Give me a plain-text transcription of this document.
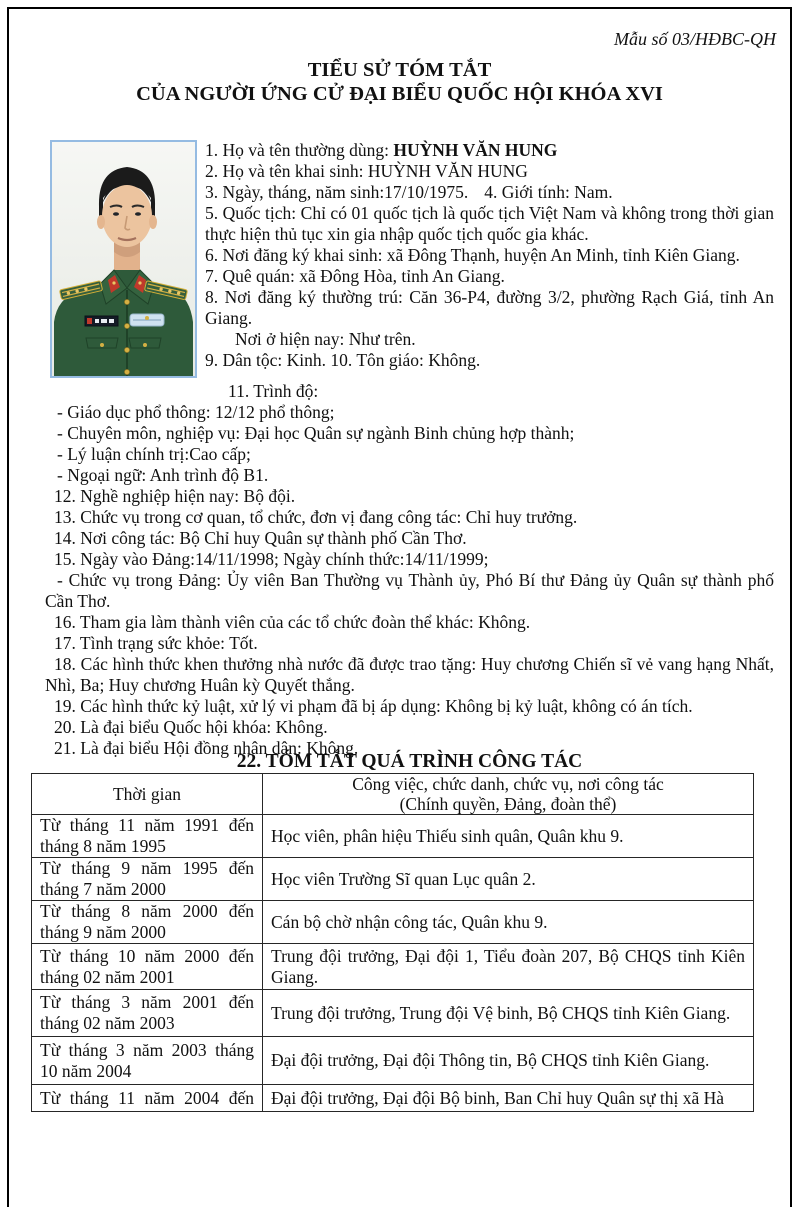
Mẫu số 03/HĐBC-QH
TIỂU SỬ TÓM TẮT
CỦA NGƯỜI ỨNG CỬ ĐẠI BIỂU QUỐC HỘI KHÓA XVI

1. Họ và tên thường dùng: HUỲNH VĂN HUNG

2. Họ và tên khai sinh: HUỲNH VĂN HUNG

3. Ngày, tháng, năm sinh:17/10/1975. 4. Giới tính: Nam.

5. Quốc tịch: Chỉ có 01 quốc tịch là quốc tịch Việt Nam và không trong thời gian thực hiện thủ tục xin gia nhập quốc tịch quốc gia khác.

6. Nơi đăng ký khai sinh: xã Đông Thạnh, huyện An Minh, tỉnh Kiên Giang.

7. Quê quán: xã Đông Hòa, tỉnh An Giang.

8. Nơi đăng ký thường trú: Căn 36-P4, đường 3/2, phường Rạch Giá, tỉnh An Giang.

Nơi ở hiện nay: Như trên.

9. Dân tộc: Kinh. 10. Tôn giáo: Không.

11. Trình độ:

- Giáo dục phổ thông: 12/12 phổ thông;

- Chuyên môn, nghiệp vụ: Đại học Quân sự ngành Binh chủng hợp thành;

- Lý luận chính trị:Cao cấp;

- Ngoại ngữ: Anh trình độ B1.

12. Nghề nghiệp hiện nay: Bộ đội.

13. Chức vụ trong cơ quan, tổ chức, đơn vị đang công tác: Chỉ huy trưởng.

14. Nơi công tác: Bộ Chỉ huy Quân sự thành phố Cần Thơ.

15. Ngày vào Đảng:14/11/1998; Ngày chính thức:14/11/1999;

- Chức vụ trong Đảng: Ủy viên Ban Thường vụ Thành ủy, Phó Bí thư Đảng ủy Quân sự thành phố Cần Thơ.

16. Tham gia làm thành viên của các tổ chức đoàn thể khác: Không.

17. Tình trạng sức khỏe: Tốt.

18. Các hình thức khen thưởng nhà nước đã được trao tặng: Huy chương Chiến sĩ vẻ vang hạng Nhất, Nhì, Ba; Huy chương Huân kỳ Quyết thắng.

19. Các hình thức kỷ luật, xử lý vi phạm đã bị áp dụng: Không bị kỷ luật, không có án tích.

20. Là đại biểu Quốc hội khóa: Không.

21. Là đại biểu Hội đồng nhân dân: Không.

22. TÓM TẮT QUÁ TRÌNH CÔNG TÁC
Thời gian	Công việc, chức danh, chức vụ, nơi công tác
(Chính quyền, Đảng, đoàn thể)

Từ tháng 11 năm 1991 đến tháng 8 năm 1995	Học viên, phân hiệu Thiếu sinh quân, Quân khu 9.
Từ tháng 9 năm 1995 đến tháng 7 năm 2000	Học viên Trường Sĩ quan Lục quân 2.
Từ tháng 8 năm 2000 đến tháng 9 năm 2000	Cán bộ chờ nhận công tác, Quân khu 9.
Từ tháng 10 năm 2000 đến tháng 02 năm 2001	Trung đội trưởng, Đại đội 1, Tiểu đoàn 207, Bộ CHQS tỉnh Kiên Giang.
Từ tháng 3 năm 2001 đến tháng 02 năm 2003	Trung đội trưởng, Trung đội Vệ binh, Bộ CHQS tỉnh Kiên Giang.
Từ tháng 3 năm 2003 tháng 10 năm 2004	Đại đội trưởng, Đại đội Thông tin, Bộ CHQS tỉnh Kiên Giang.
Từ tháng 11 năm 2004 đến	Đại đội trưởng, Đại đội Bộ binh, Ban Chỉ huy Quân sự thị xã Hà
